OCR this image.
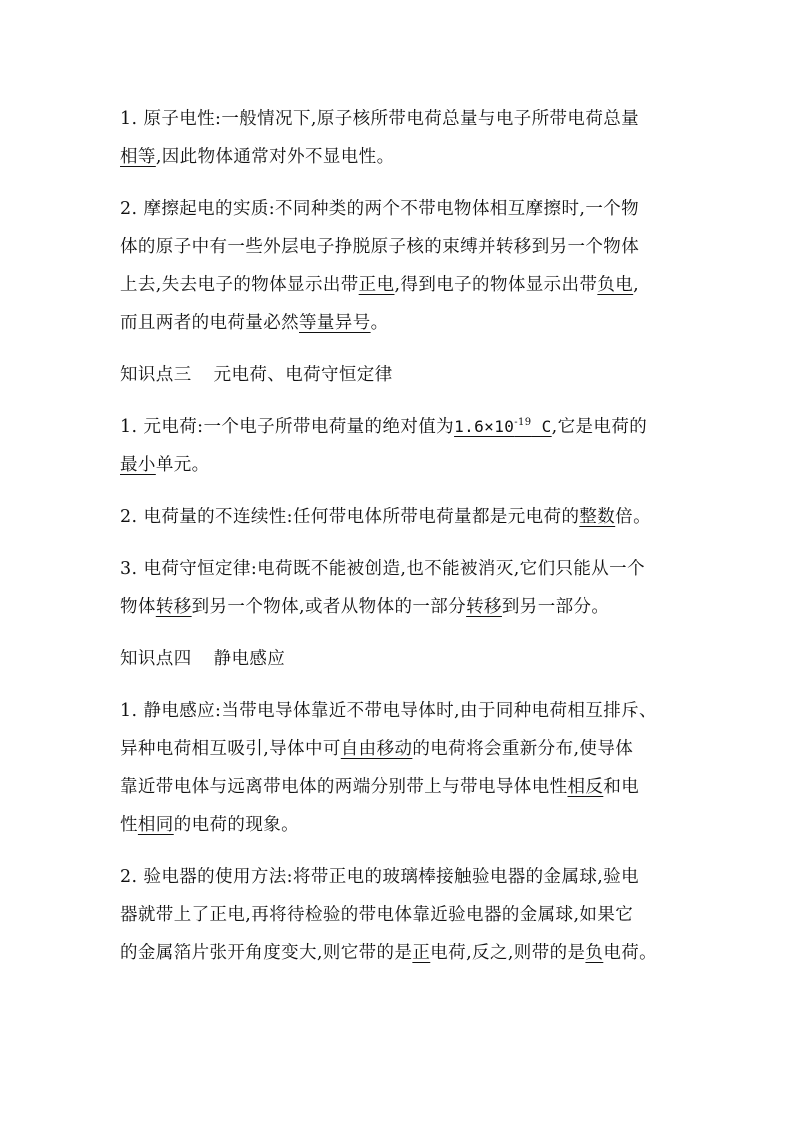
1. 原子电性:一般情况下,原子核所带电荷总量与电子所带电荷总量
相等,因此物体通常对外不显电性。

2. 摩擦起电的实质:不同种类的两个不带电物体相互摩擦时,一个物
体的原子中有一些外层电子挣脱原子核的束缚并转移到另一个物体
上去,失去电子的物体显示出带正电,得到电子的物体显示出带负电,
而且两者的电荷量必然等量异号。

知识点三 元电荷、电荷守恒定律

1. 元电荷:一个电子所带电荷量的绝对值为$1.6\times 10^{-19}$ C,它是电荷的
最小单元。

2. 电荷量的不连续性:任何带电体所带电荷量都是元电荷的整数倍。

3. 电荷守恒定律:电荷既不能被创造,也不能被消灭,它们只能从一个
物体转移到另一个物体,或者从物体的一部分转移到另一部分。

知识点四 静电感应

1. 静电感应:当带电导体靠近不带电导体时,由于同种电荷相互排斥、
异种电荷相互吸引,导体中可自由移动的电荷将会重新分布,使导体
靠近带电体与远离带电体的两端分别带上与带电导体电性相反和电
性相同的电荷的现象。

2. 验电器的使用方法:将带正电的玻璃棒接触验电器的金属球,验电
器就带上了正电,再将待检验的带电体靠近验电器的金属球,如果它
的金属箔片张开角度变大,则它带的是正电荷,反之,则带的是负电荷。
